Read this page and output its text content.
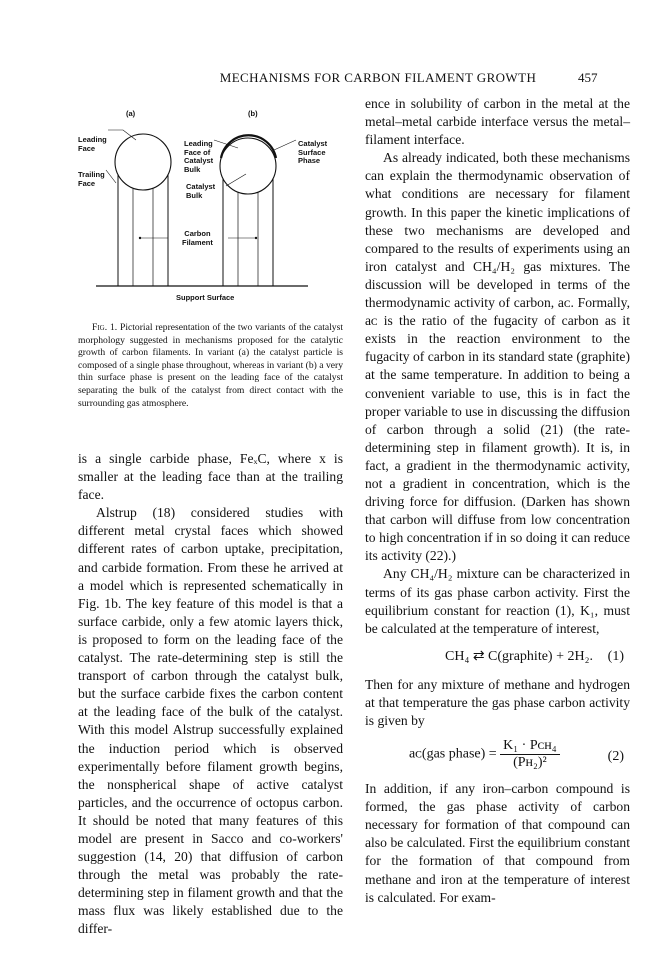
MECHANISMS FOR CARBON FILAMENT GROWTH	457
(a)	(b)
Leading
Face
Trailing
Face
Leading
Face of
Catalyst
Bulk
Catalyst
Surface
Phase
Catalyst
Bulk
Carbon
Filament
Support Surface

Fig. 1. Pictorial representation of the two variants of the catalyst morphology suggested in mechanisms proposed for the catalytic growth of carbon filaments. In variant (a) the catalyst particle is composed of a single phase throughout, whereas in variant (b) a very thin surface phase is present on the leading face of the catalyst separating the bulk of the catalyst from direct contact with the surrounding gas atmosphere.

is a single carbide phase, FeₓC, where x is smaller at the leading face than at the trailing face.

Alstrup (18) considered studies with different metal crystal faces which showed different rates of carbon uptake, precipitation, and carbide formation. From these he arrived at a model which is represented schematically in Fig. 1b. The key feature of this model is that a surface carbide, only a few atomic layers thick, is proposed to form on the leading face of the catalyst. The rate-determining step is still the transport of carbon through the catalyst bulk, but the surface carbide fixes the carbon content at the leading face of the bulk of the catalyst. With this model Alstrup successfully explained the induction period which is observed experimentally before filament growth begins, the nonspherical shape of active catalyst particles, and the occurrence of octopus carbon. It should be noted that many features of this model are present in Sacco and co-workers' suggestion (14, 20) that diffusion of carbon through the metal was probably the rate-determining step in filament growth and that the mass flux was likely established due to the differ-

ence in solubility of carbon in the metal at the metal–metal carbide interface versus the metal–filament interface.

As already indicated, both these mechanisms can explain the thermodynamic observation of what conditions are necessary for filament growth. In this paper the kinetic implications of these two mechanisms are developed and compared to the results of experiments using an iron catalyst and CH₄/H₂ gas mixtures. The discussion will be developed in terms of the thermodynamic activity of carbon, aᴄ. Formally, aᴄ is the ratio of the fugacity of carbon as it exists in the reaction environment to the fugacity of carbon in its standard state (graphite) at the same temperature. In addition to being a convenient variable to use, this is in fact the proper variable to use in discussing the diffusion of carbon through a solid (21) (the rate-determining step in filament growth). It is, in fact, a gradient in the thermodynamic activity, not a gradient in concentration, which is the driving force for diffusion. (Darken has shown that carbon will diffuse from low concentration to high concentration if in so doing it can reduce its activity (22).)

Any CH₄/H₂ mixture can be characterized in terms of its gas phase carbon activity. First the equilibrium constant for reaction (1), K₁, must be calculated at the temperature of interest,

CH₄ ⇄ C(graphite) + 2H₂. (1)

Then for any mixture of methane and hydrogen at that temperature the gas phase carbon activity is given by

aᴄ(gas phase) = $\frac{\text{K₁ · Pᴄʜ₄}}{\text{(Pʜ₂)²}}$	(2)

In addition, if any iron–carbon compound is formed, the gas phase activity of carbon necessary for formation of that compound can also be calculated. First the equilibrium constant for the formation of that compound from methane and iron at the temperature of interest is calculated. For exam-
